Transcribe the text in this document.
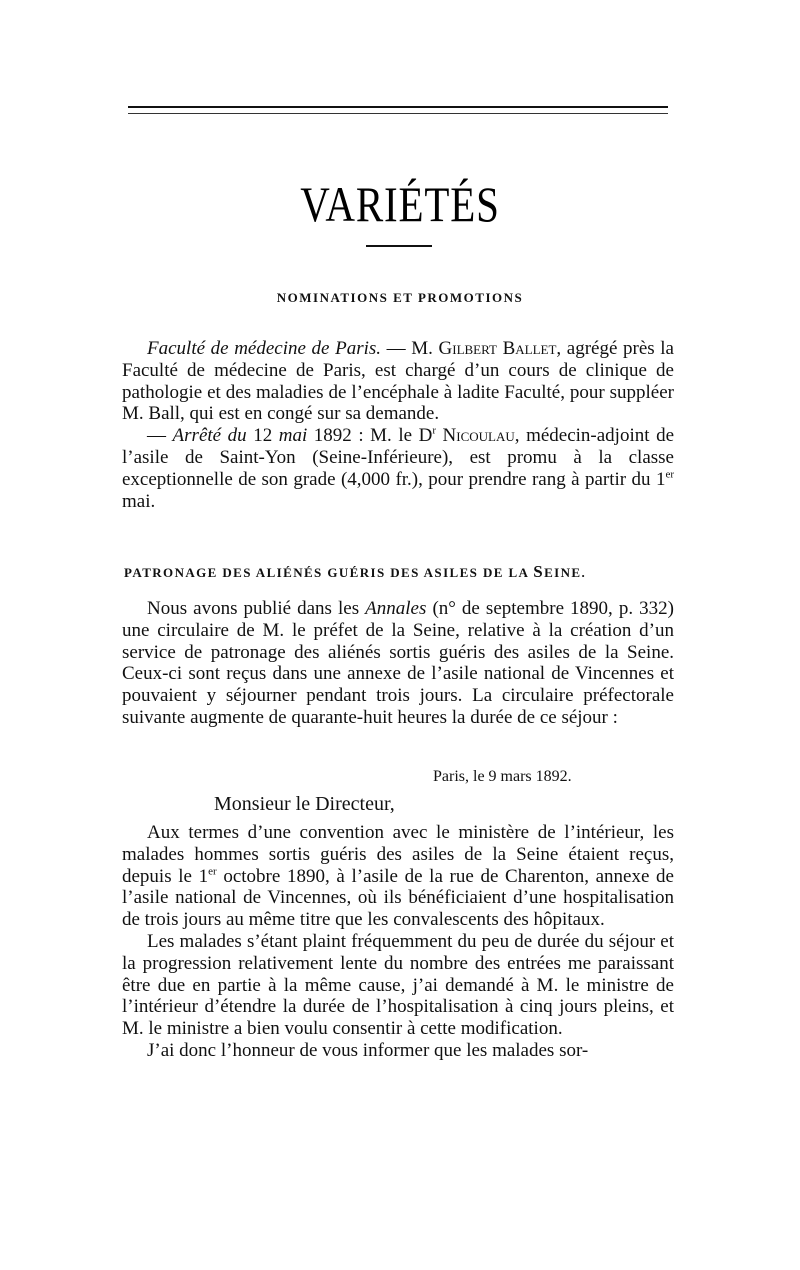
VARIÉTÉS
NOMINATIONS ET PROMOTIONS

Faculté de médecine de Paris. — M. Gilbert Ballet, agrégé près la Faculté de médecine de Paris, est chargé d’un cours de clinique de pathologie et des maladies de l’encéphale à ladite Faculté, pour suppléer M. Ball, qui est en congé sur sa demande.

— Arrêté du 12 mai 1892 : M. le $D^r$ Nicoulau, médecin-adjoint de l’asile de Saint-Yon (Seine-Inférieure), est promu à la classe exceptionnelle de son grade (4,000 fr.), pour prendre rang à partir du 1er mai.

PATRONAGE DES ALIÉNÉS GUÉRIS DES ASILES DE LA SEINE.

Nous avons publié dans les Annales (n° de septembre 1890, p. 332) une circulaire de M. le préfet de la Seine, relative à la création d’un service de patronage des aliénés sortis guéris des asiles de la Seine. Ceux-ci sont reçus dans une annexe de l’asile national de Vincennes et pouvaient y séjourner pendant trois jours. La circulaire préfectorale suivante augmente de quarante-huit heures la durée de ce séjour :

Paris, le 9 mars 1892.
Monsieur le Directeur,

Aux termes d’une convention avec le ministère de l’intérieur, les malades hommes sortis guéris des asiles de la Seine étaient reçus, depuis le 1er octobre 1890, à l’asile de la rue de Charenton, annexe de l’asile national de Vincennes, où ils bénéficiaient d’une hospitalisation de trois jours au même titre que les convalescents des hôpitaux.

Les malades s’étant plaint fréquemment du peu de durée du séjour et la progression relativement lente du nombre des entrées me paraissant être due en partie à la même cause, j’ai demandé à M. le ministre de l’intérieur d’étendre la durée de l’hospitalisation à cinq jours pleins, et M. le ministre a bien voulu consentir à cette modification.

J’ai donc l’honneur de vous informer que les malades sor-
